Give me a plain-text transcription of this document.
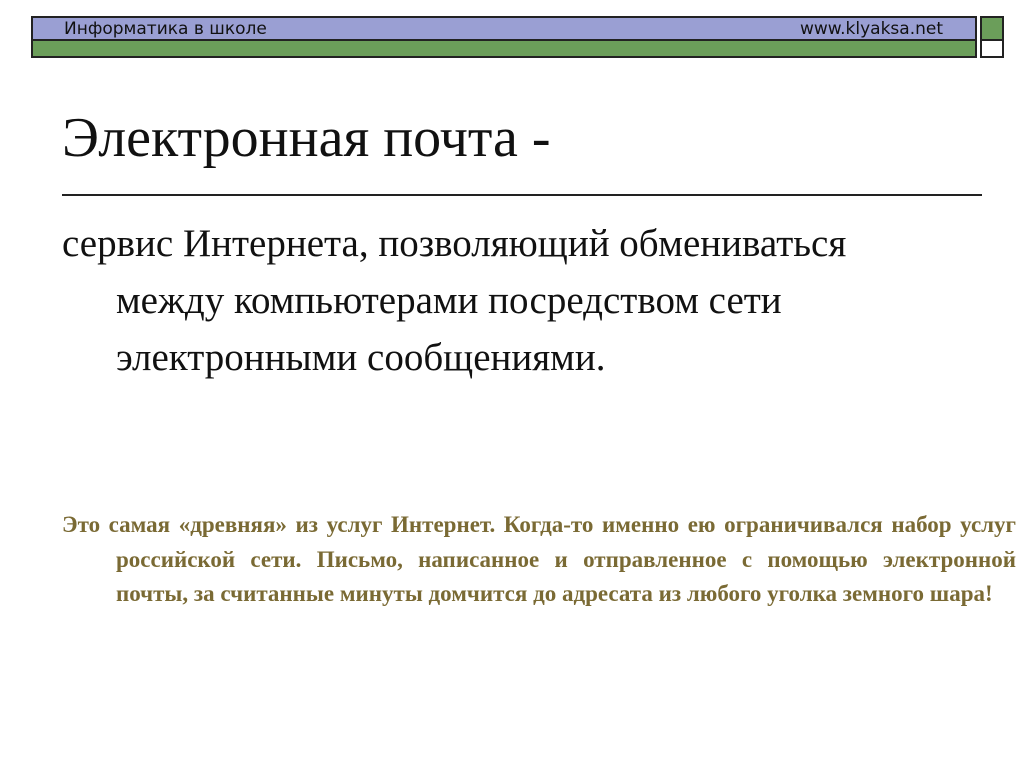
Информатика в школе	www.klyaksa.net
Электронная почта -

сервис Интернета, позволяющий обмениваться между компьютерами посредством сети электронными сообщениями.

Это самая «древняя» из услуг Интернет. Когда-то именно ею ограничивался набор услуг российской сети. Письмо, написанное и отправленное с помощью электронной почты, за считанные минуты домчится до адресата из любого уголка земного шара!
